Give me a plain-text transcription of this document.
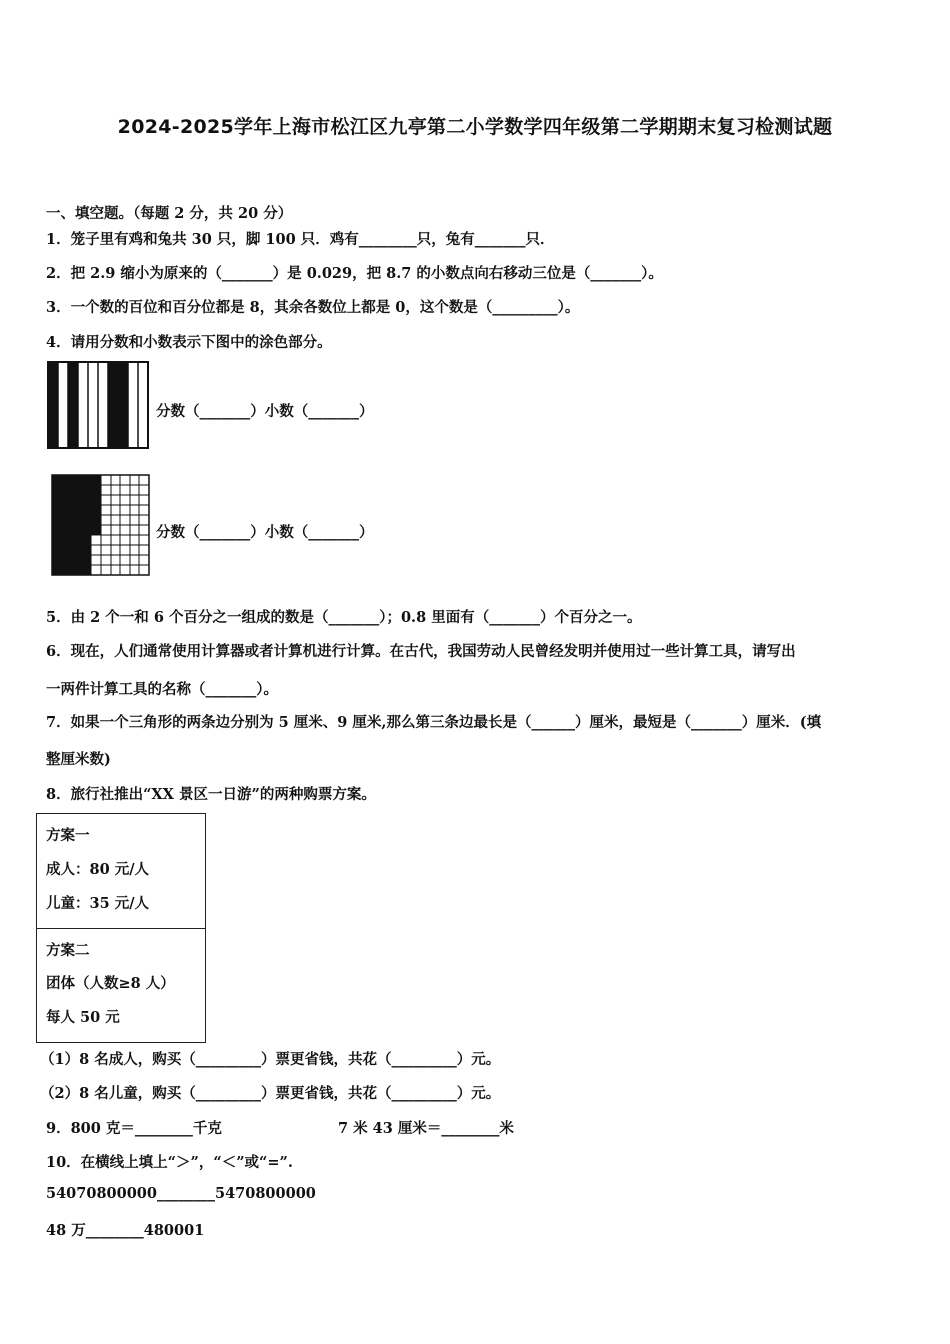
2024-2025学年上海市松江区九亭第二小学数学四年级第二学期期末复习检测试题
一、填空题。（每题 2 分，共 20 分）
1．笼子里有鸡和兔共 30 只，脚 100 只．鸡有________只，兔有_______只．
2．把 2.9 缩小为原来的（_______）是 0.029，把 8.7 的小数点向右移动三位是（_______）。
3．一个数的百位和百分位都是 8，其余各数位上都是 0，这个数是（_________）。
4．请用分数和小数表示下图中的涂色部分。
分数（_______）小数（_______）
分数（_______）小数（_______）
5．由 2 个一和 6 个百分之一组成的数是（_______）；0.8 里面有（_______）个百分之一。
6．现在，人们通常使用计算器或者计算机进行计算。在古代，我国劳动人民曾经发明并使用过一些计算工具，请写出
一两件计算工具的名称（_______）。
7．如果一个三角形的两条边分别为 5 厘米、9 厘米,那么第三条边最长是（______）厘米，最短是（_______）厘米．(填
整厘米数)
8．旅行社推出“XX 景区一日游”的两种购票方案。
方案一
成人：80 元/人
儿童：35 元/人
方案二
团体（人数≥8 人）
每人 50 元
（1）8 名成人，购买（_________）票更省钱，共花（_________）元。
（2）8 名儿童，购买（_________）票更省钱，共花（_________）元。
9．800 克＝________千克	7 米 43 厘米＝________米
10．在横线上填上“＞”，“＜”或“=”.
54070800000________5470800000
48 万________480001
